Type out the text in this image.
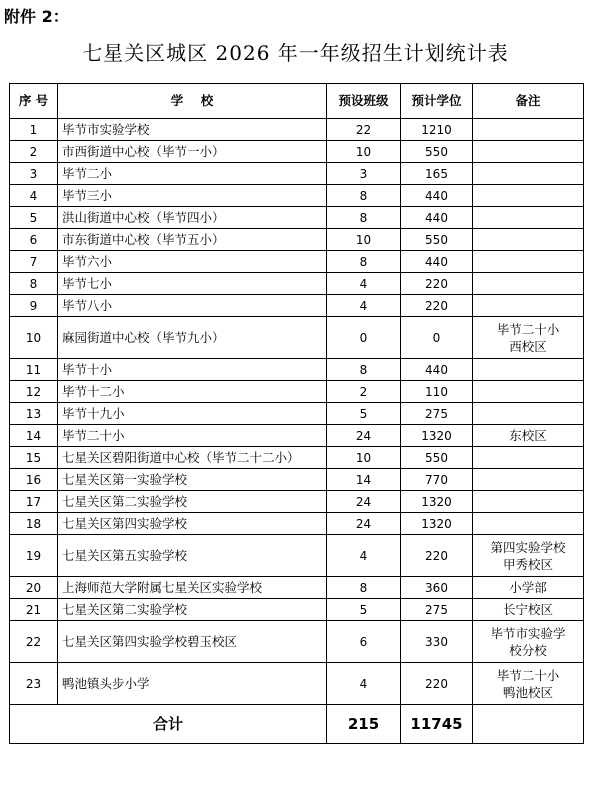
附件 2：
七星关区城区 2026 年一年级招生计划统计表
序 号	学    校	预设班级	预计学位	备注
1	毕节市实验学校	22	1210	
2	市西街道中心校（毕节一小）	10	550	
3	毕节二小	3	165	
4	毕节三小	8	440	
5	洪山街道中心校（毕节四小）	8	440	
6	市东街道中心校（毕节五小）	10	550	
7	毕节六小	8	440	
8	毕节七小	4	220	
9	毕节八小	4	220	
10	麻园街道中心校（毕节九小）	0	0	毕节二十小
西校区
11	毕节十小	8	440	
12	毕节十二小	2	110	
13	毕节十九小	5	275	
14	毕节二十小	24	1320	东校区
15	七星关区碧阳街道中心校（毕节二十二小）	10	550	
16	七星关区第一实验学校	14	770	
17	七星关区第二实验学校	24	1320	
18	七星关区第四实验学校	24	1320	
19	七星关区第五实验学校	4	220	第四实验学校
甲秀校区
20	上海师范大学附属七星关区实验学校	8	360	小学部
21	七星关区第二实验学校	5	275	长宁校区
22	七星关区第四实验学校碧玉校区	6	330	毕节市实验学
校分校
23	鸭池镇头步小学	4	220	毕节二十小
鸭池校区
合计		215	11745	
